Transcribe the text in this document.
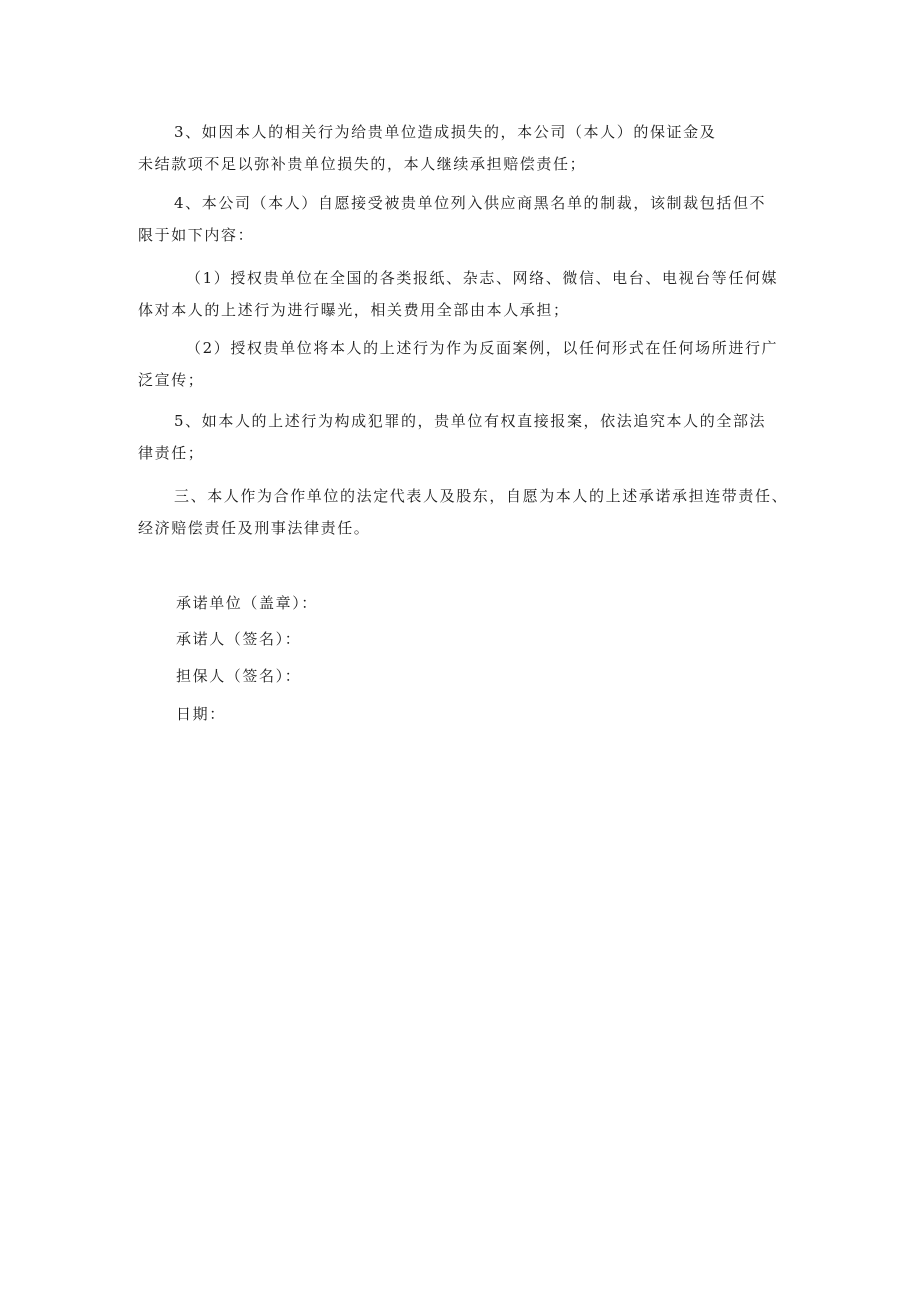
3、如因本人的相关行为给贵单位造成损失的，本公司（本人）的保证金及
未结款项不足以弥补贵单位损失的，本人继续承担赔偿责任；
4、本公司（本人）自愿接受被贵单位列入供应商黑名单的制裁，该制裁包括但不
限于如下内容：
（1）授权贵单位在全国的各类报纸、杂志、网络、微信、电台、电视台等任何媒
体对本人的上述行为进行曝光，相关费用全部由本人承担；
（2）授权贵单位将本人的上述行为作为反面案例，以任何形式在任何场所进行广
泛宣传；
5、如本人的上述行为构成犯罪的，贵单位有权直接报案，依法追究本人的全部法
律责任；
三、本人作为合作单位的法定代表人及股东，自愿为本人的上述承诺承担连带责任、
经济赔偿责任及刑事法律责任。
承诺单位（盖章）：
承诺人（签名）：
担保人（签名）：
日期：
